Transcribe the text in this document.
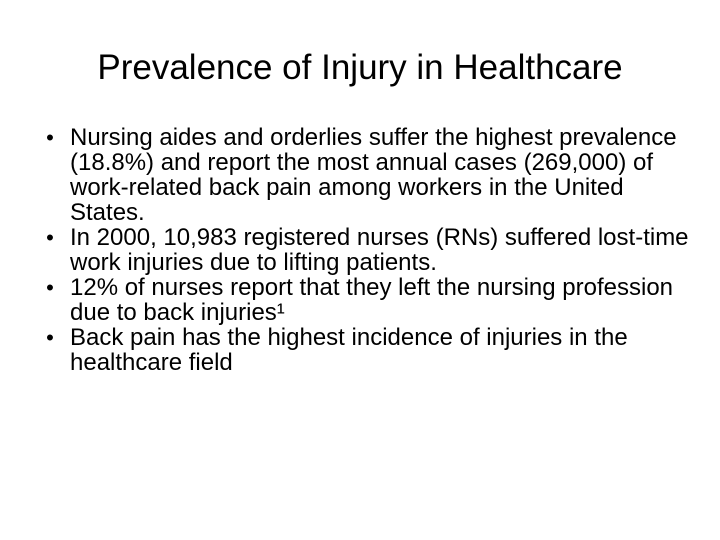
Prevalence of Injury in Healthcare
• Nursing aides and orderlies suffer the highest prevalence (18.8%) and report the most annual cases (269,000) of work-related back pain among workers in the United States.
• In 2000, 10,983 registered nurses (RNs) suffered lost-time work injuries due to lifting patients.
• 12% of nurses report that they left the nursing profession due to back injuries¹
• Back pain has the highest incidence of injuries in the healthcare field
